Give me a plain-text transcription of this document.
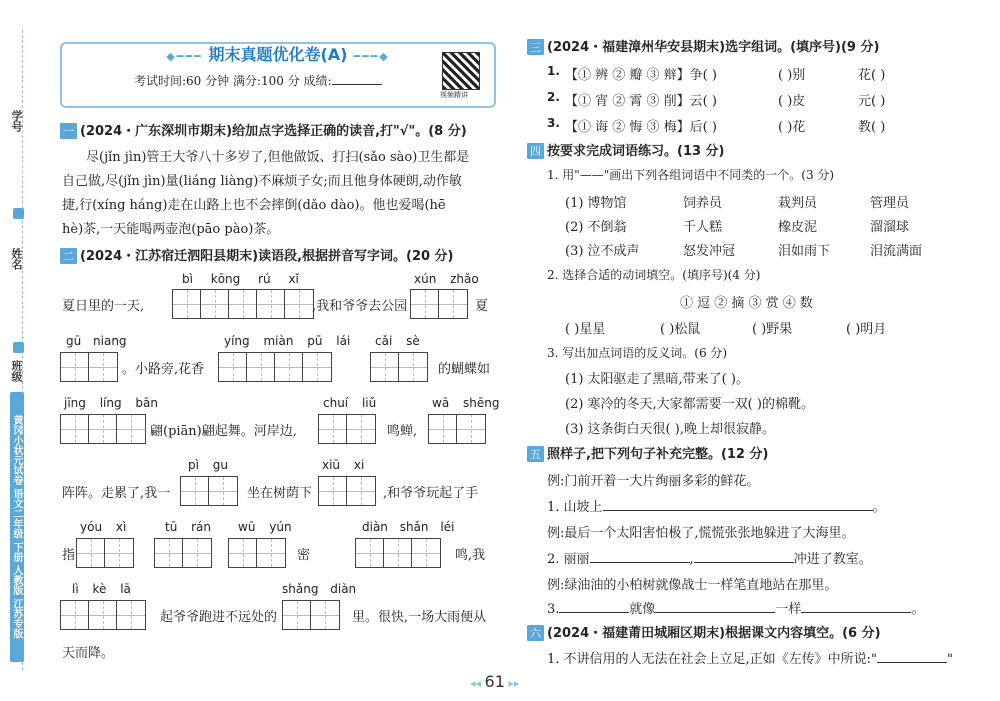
学号
姓名
班级
黄冈小状元试卷 语文二年级 下册 人教版 江苏专版
◆━━━ 期末真题优化卷(A) ━━━◆
考试时间:60 分钟 满分:100 分 成绩:
视频精讲
一 (2024・广东深圳市期末)给加点字选择正确的读音,打"√"。(8 分)
尽(jǐn jìn)管王大爷八十多岁了,但他做饭、打扫(sǎo sào)卫生都是
自己做,尽(jǐn jìn)量(liáng liàng)不麻烦子女;而且他身体硬朗,动作敏
捷,行(xíng háng)走在山路上也不会摔倒(dǎo dào)。他也爱喝(hē
hè)茶,一天能喝两壶泡(pāo pào)茶。
二 (2024・江苏宿迁泗阳县期末)读语段,根据拼音写字词。(20 分)
bì kōng rú xǐ	xún zhǎo
夏日里的一天,	,我和爷爷去公园	夏
gū niang	yíng miàn pū lái cǎi sè
。小路旁,花香	的蝴蝶如
jīng líng bān	chuí liǔ	wā shēng
翩(piān)翩起舞。河岸边,	鸣蝉,
pì gu	xiū xi
阵阵。走累了,我一	坐在树荫下	,和爷爷玩起了手
yóu xì	tū rán wū yún	diàn shǎn léi
指	密	鸣,我
lì kè lā	shǎng diàn
起爷爷跑进不远处的	里。很快,一场大雨便从
天而降。
三 (2024・福建漳州华安县期末)选字组词。(填序号)(9 分)
1. 【① 辨 ② 瓣 ③ 辩】争( )	( )别	花( )
2. 【① 宵 ② 霄 ③ 削】云( )	( )皮	元( )
3. 【① 诲 ② 悔 ③ 梅】后( )	( )花	教( )
四 按要求完成词语练习。(13 分)
1. 用"——"画出下列各组词语中不同类的一个。(3 分)
(1) 博物馆	饲养员	栽判员	管理员
(2) 不倒翁	千人糕	橡皮泥	溜溜球
(3) 泣不成声	怒发冲冠	泪如雨下	泪流满面
2. 选择合适的动词填空。(填序号)(4 分)
① 逗 ② 摘 ③ 赏 ④ 数
( )星星	( )松鼠	( )野果	( )明月
3. 写出加点词语的反义词。(6 分)
(1) 太阳驱走了黑暗,带来了( )。
(2) 寒冷的冬天,大家都需要一双( )的棉靴。
(3) 这条街白天很( ),晚上却很寂静。
五 照样子,把下列句子补充完整。(12 分)
例:门前开着一大片绚丽多彩的鲜花。
1. 山坡上	。
例:最后一个太阳害怕极了,慌慌张张地躲进了大海里。
2. 丽丽	,	冲进了教室。
例:绿油油的小柏树就像战士一样笔直地站在那里。
3.	就像	一样	。
六 (2024・福建莆田城厢区期末)根据课文内容填空。(6 分)
1. 不讲信用的人无法在社会上立足,正如《左传》中所说:"	"
◂◂ 61 ▸▸
